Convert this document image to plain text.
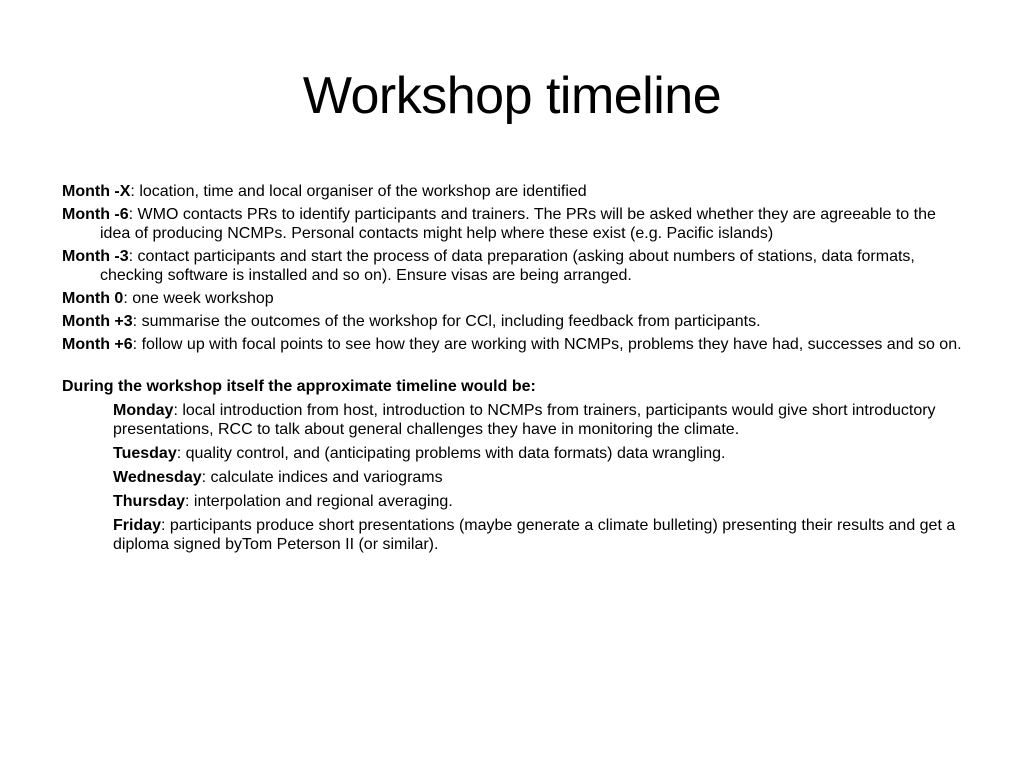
Workshop timeline
Month -X: location, time and local organiser of the workshop are identified
Month -6: WMO contacts PRs to identify participants and trainers. The PRs will be asked whether they are agreeable to the idea of producing NCMPs. Personal contacts might help where these exist (e.g. Pacific islands)
Month -3: contact participants and start the process of data preparation (asking about numbers of stations, data formats, checking software is installed and so on). Ensure visas are being arranged.
Month 0: one week workshop
Month +3: summarise the outcomes of the workshop for CCl, including feedback from participants.
Month +6: follow up with focal points to see how they are working with NCMPs, problems they have had, successes and so on.
During the workshop itself the approximate timeline would be:
Monday: local introduction from host, introduction to NCMPs from trainers, participants would give short introductory presentations, RCC to talk about general challenges they have in monitoring the climate.
Tuesday: quality control, and (anticipating problems with data formats) data wrangling.
Wednesday: calculate indices and variograms
Thursday: interpolation and regional averaging.
Friday: participants produce short presentations (maybe generate a climate bulleting) presenting their results and get a diploma signed byTom Peterson II (or similar).
